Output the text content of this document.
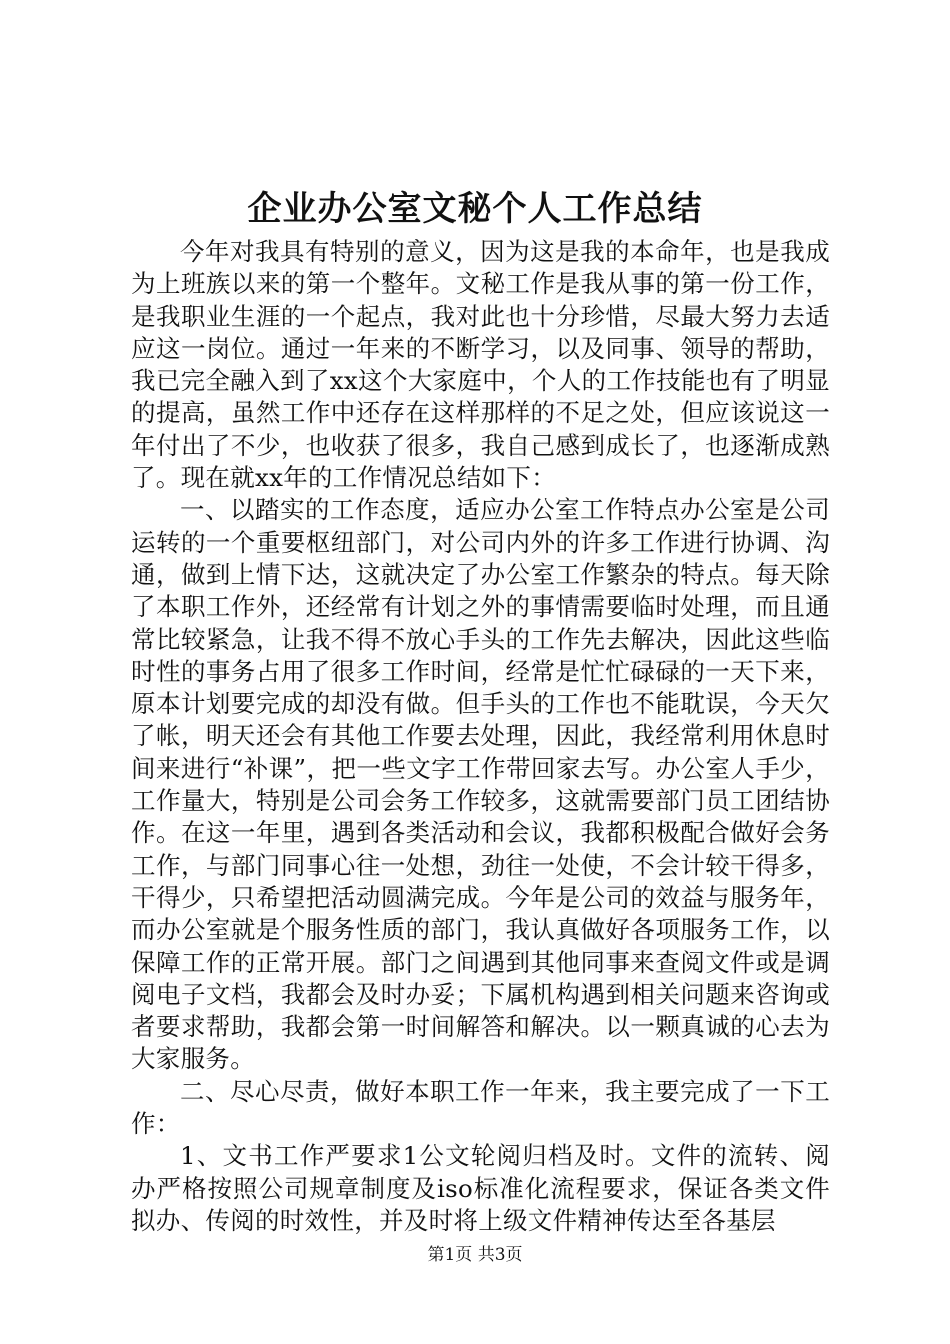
企业办公室文秘个人工作总结

今年对我具有特别的意义，因为这是我的本命年，也是我成为上班族以来的第一个整年。文秘工作是我从事的第一份工作，是我职业生涯的一个起点，我对此也十分珍惜，尽最大努力去适应这一岗位。通过一年来的不断学习，以及同事、领导的帮助，我已完全融入到了xx这个大家庭中，个人的工作技能也有了明显的提高，虽然工作中还存在这样那样的不足之处，但应该说这一年付出了不少，也收获了很多，我自己感到成长了，也逐渐成熟了。现在就xx年的工作情况总结如下：

一、以踏实的工作态度，适应办公室工作特点办公室是公司运转的一个重要枢纽部门，对公司内外的许多工作进行协调、沟通，做到上情下达，这就决定了办公室工作繁杂的特点。每天除了本职工作外，还经常有计划之外的事情需要临时处理，而且通常比较紧急，让我不得不放心手头的工作先去解决，因此这些临时性的事务占用了很多工作时间，经常是忙忙碌碌的一天下来，原本计划要完成的却没有做。但手头的工作也不能耽误，今天欠了帐，明天还会有其他工作要去处理，因此，我经常利用休息时间来进行“补课”，把一些文字工作带回家去写。办公室人手少，工作量大，特别是公司会务工作较多，这就需要部门员工团结协作。在这一年里，遇到各类活动和会议，我都积极配合做好会务工作，与部门同事心往一处想，劲往一处使，不会计较干得多，干得少，只希望把活动圆满完成。今年是公司的效益与服务年，而办公室就是个服务性质的部门，我认真做好各项服务工作，以保障工作的正常开展。部门之间遇到其他同事来查阅文件或是调阅电子文档，我都会及时办妥；下属机构遇到相关问题来咨询或者要求帮助，我都会第一时间解答和解决。以一颗真诚的心去为大家服务。

二、尽心尽责，做好本职工作一年来，我主要完成了一下工作：

1、文书工作严要求1公文轮阅归档及时。文件的流转、阅办严格按照公司规章制度及iso标准化流程要求，保证各类文件拟办、传阅的时效性，并及时将上级文件精神传达至各基层

第1页 共3页
